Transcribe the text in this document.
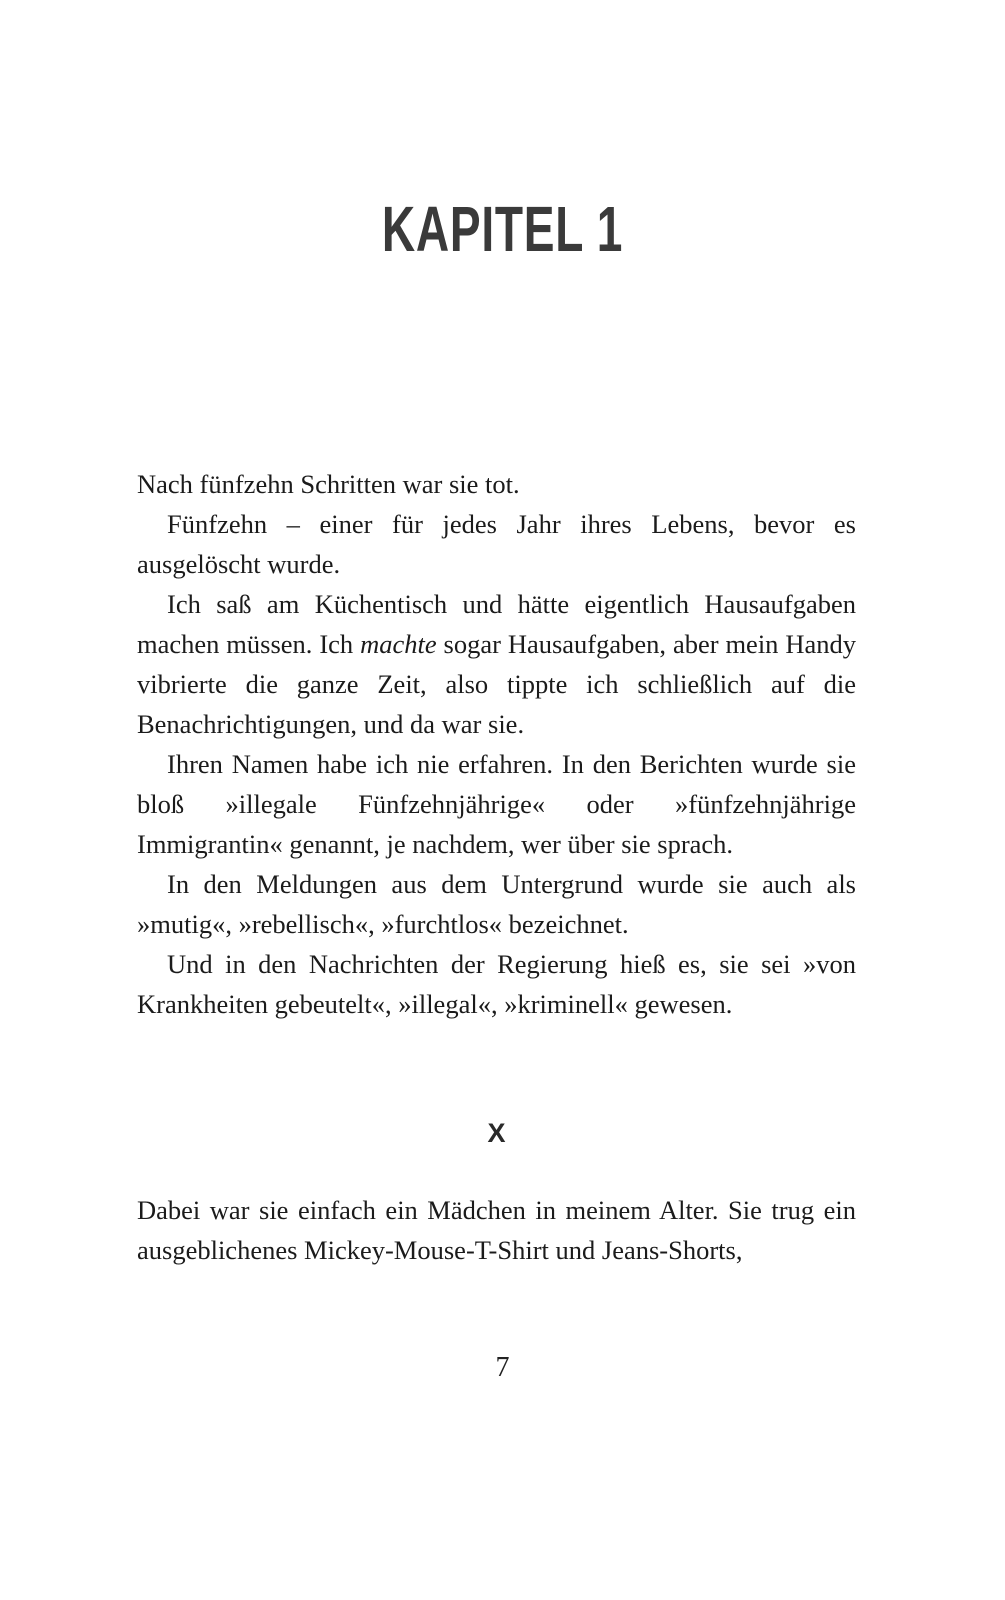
KAPITEL 1

Nach fünfzehn Schritten war sie tot.

Fünfzehn – einer für jedes Jahr ihres Lebens, bevor es ausgelöscht wurde.

Ich saß am Küchentisch und hätte eigentlich Hausaufgaben machen müssen. Ich machte sogar Hausaufgaben, aber mein Handy vibrierte die ganze Zeit, also tippte ich schließlich auf die Benachrichtigungen, und da war sie.

Ihren Namen habe ich nie erfahren. In den Berichten wurde sie bloß »illegale Fünfzehnjährige« oder »fünfzehnjährige Immigrantin« genannt, je nachdem, wer über sie sprach.

In den Meldungen aus dem Untergrund wurde sie auch als »mutig«, »rebellisch«, »furchtlos« bezeichnet.

Und in den Nachrichten der Regierung hieß es, sie sei »von Krankheiten gebeutelt«, »illegal«, »kriminell« gewesen.

X

Dabei war sie einfach ein Mädchen in meinem Alter. Sie trug ein ausgeblichenes Mickey-Mouse-T-Shirt und Jeans-Shorts,

7
